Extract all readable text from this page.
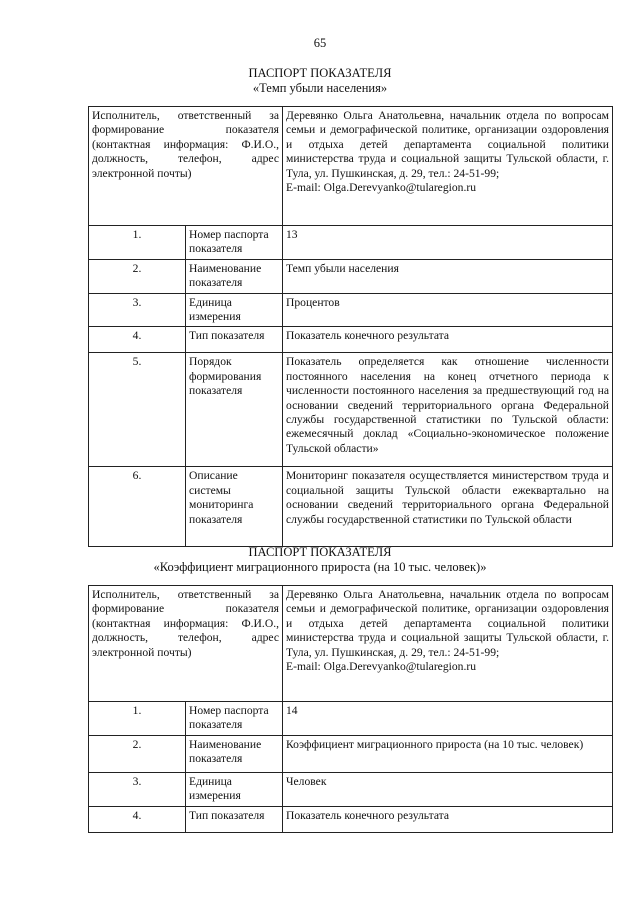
65
ПАСПОРТ ПОКАЗАТЕЛЯ
«Темп убыли населения»
Исполнитель, ответственный за формирование показателя (контактная информация: Ф.И.О., должность, телефон, адрес электронной почты)		Деревянко Ольга Анатольевна, начальник отдела по вопросам семьи и демографической политике, организации оздоровления и отдыха детей департамента социальной политики министерства труда и социальной защиты Тульской области, г. Тула, ул. Пушкинская, д. 29, тел.: 24-51-99;
E-mail: Olga.Derevyanko@tularegion.ru

1.	Номер паспорта показателя	13
2.	Наименование показателя	Темп убыли населения
3.	Единица измерения	Процентов
4.	Тип показателя	Показатель конечного результата
5.	Порядок формирования показателя	Показатель определяется как отношение численности постоянного населения на конец отчетного периода к численности постоянного населения за предшествующий год на основании сведений территориального органа Федеральной службы государственной статистики по Тульской области: ежемесячный доклад «Социально-экономическое положение Тульской области»
6.	Описание системы мониторинга показателя	Мониторинг показателя осуществляется министерством труда и социальной защиты Тульской области ежеквартально на основании сведений территориального органа Федеральной службы государственной статистики по Тульской области
ПАСПОРТ ПОКАЗАТЕЛЯ
«Коэффициент миграционного прироста (на 10 тыс. человек)»
Исполнитель, ответственный за формирование показателя (контактная информация: Ф.И.О., должность, телефон, адрес электронной почты)		Деревянко Ольга Анатольевна, начальник отдела по вопросам семьи и демографической политике, организации оздоровления и отдыха детей департамента социальной политики министерства труда и социальной защиты Тульской области, г. Тула, ул. Пушкинская, д. 29, тел.: 24-51-99;
E-mail: Olga.Derevyanko@tularegion.ru

1.	Номер паспорта показателя	14
2.	Наименование показателя	Коэффициент миграционного прироста (на 10 тыс. человек)
3.	Единица измерения	Человек
4.	Тип показателя	Показатель конечного результата
